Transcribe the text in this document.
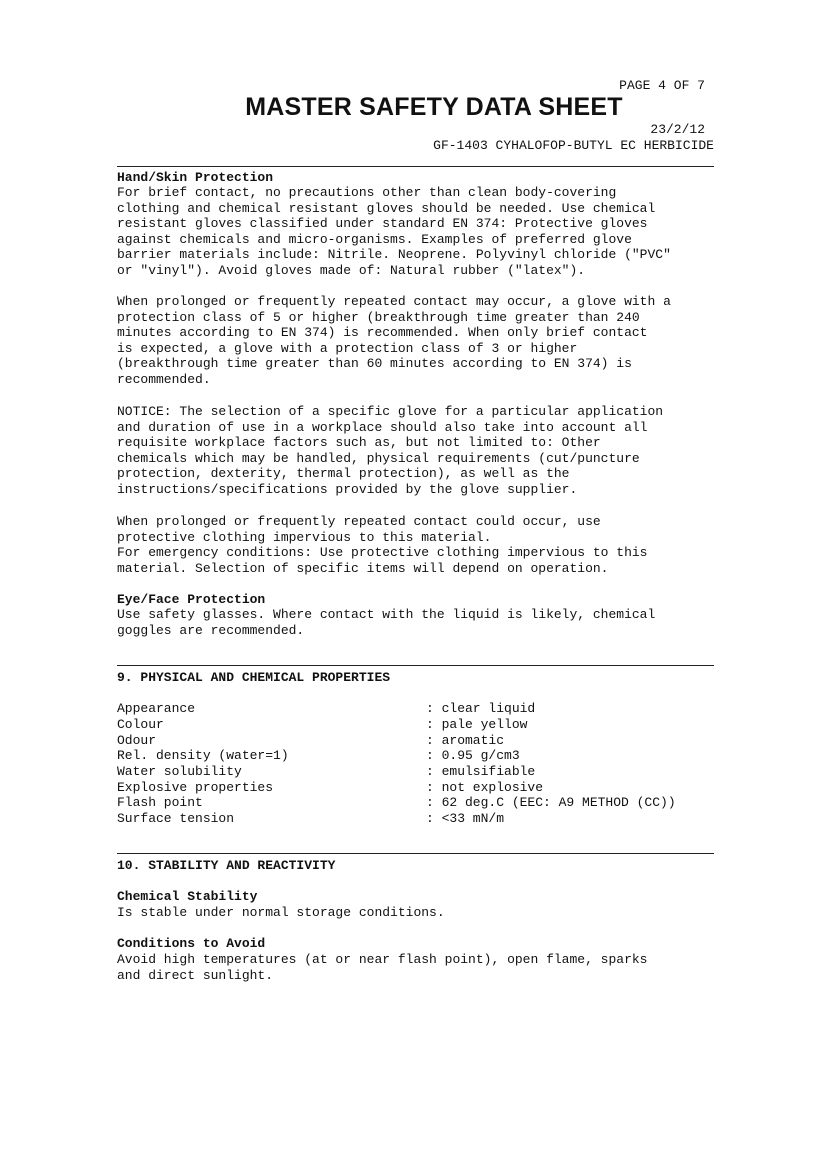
PAGE 4 OF 7
MASTER SAFETY DATA SHEET
23/2/12
GF-1403 CYHALOFOP-BUTYL EC HERBICIDE
Hand/Skin Protection
For brief contact, no precautions other than clean body-covering
clothing and chemical resistant gloves should be needed. Use chemical
resistant gloves classified under standard EN 374: Protective gloves
against chemicals and micro-organisms. Examples of preferred glove
barrier materials include: Nitrile. Neoprene. Polyvinyl chloride ("PVC"
or "vinyl"). Avoid gloves made of: Natural rubber ("latex").
When prolonged or frequently repeated contact may occur, a glove with a
protection class of 5 or higher (breakthrough time greater than 240
minutes according to EN 374) is recommended. When only brief contact
is expected, a glove with a protection class of 3 or higher
(breakthrough time greater than 60 minutes according to EN 374) is
recommended.
NOTICE: The selection of a specific glove for a particular application
and duration of use in a workplace should also take into account all
requisite workplace factors such as, but not limited to: Other
chemicals which may be handled, physical requirements (cut/puncture
protection, dexterity, thermal protection), as well as the
instructions/specifications provided by the glove supplier.
When prolonged or frequently repeated contact could occur, use
protective clothing impervious to this material.
For emergency conditions: Use protective clothing impervious to this
material. Selection of specific items will depend on operation.
Eye/Face Protection
Use safety glasses. Where contact with the liquid is likely, chemical
goggles are recommended.
9. PHYSICAL AND CHEMICAL PROPERTIES
Appearance	: clear liquid
Colour	: pale yellow
Odour	: aromatic
Rel. density (water=1)	: 0.95 g/cm3
Water solubility	: emulsifiable
Explosive properties	: not explosive
Flash point	: 62 deg.C (EEC: A9 METHOD (CC))
Surface tension	: <33 mN/m
10. STABILITY AND REACTIVITY
Chemical Stability
Is stable under normal storage conditions.
Conditions to Avoid
Avoid high temperatures (at or near flash point), open flame, sparks
and direct sunlight.
